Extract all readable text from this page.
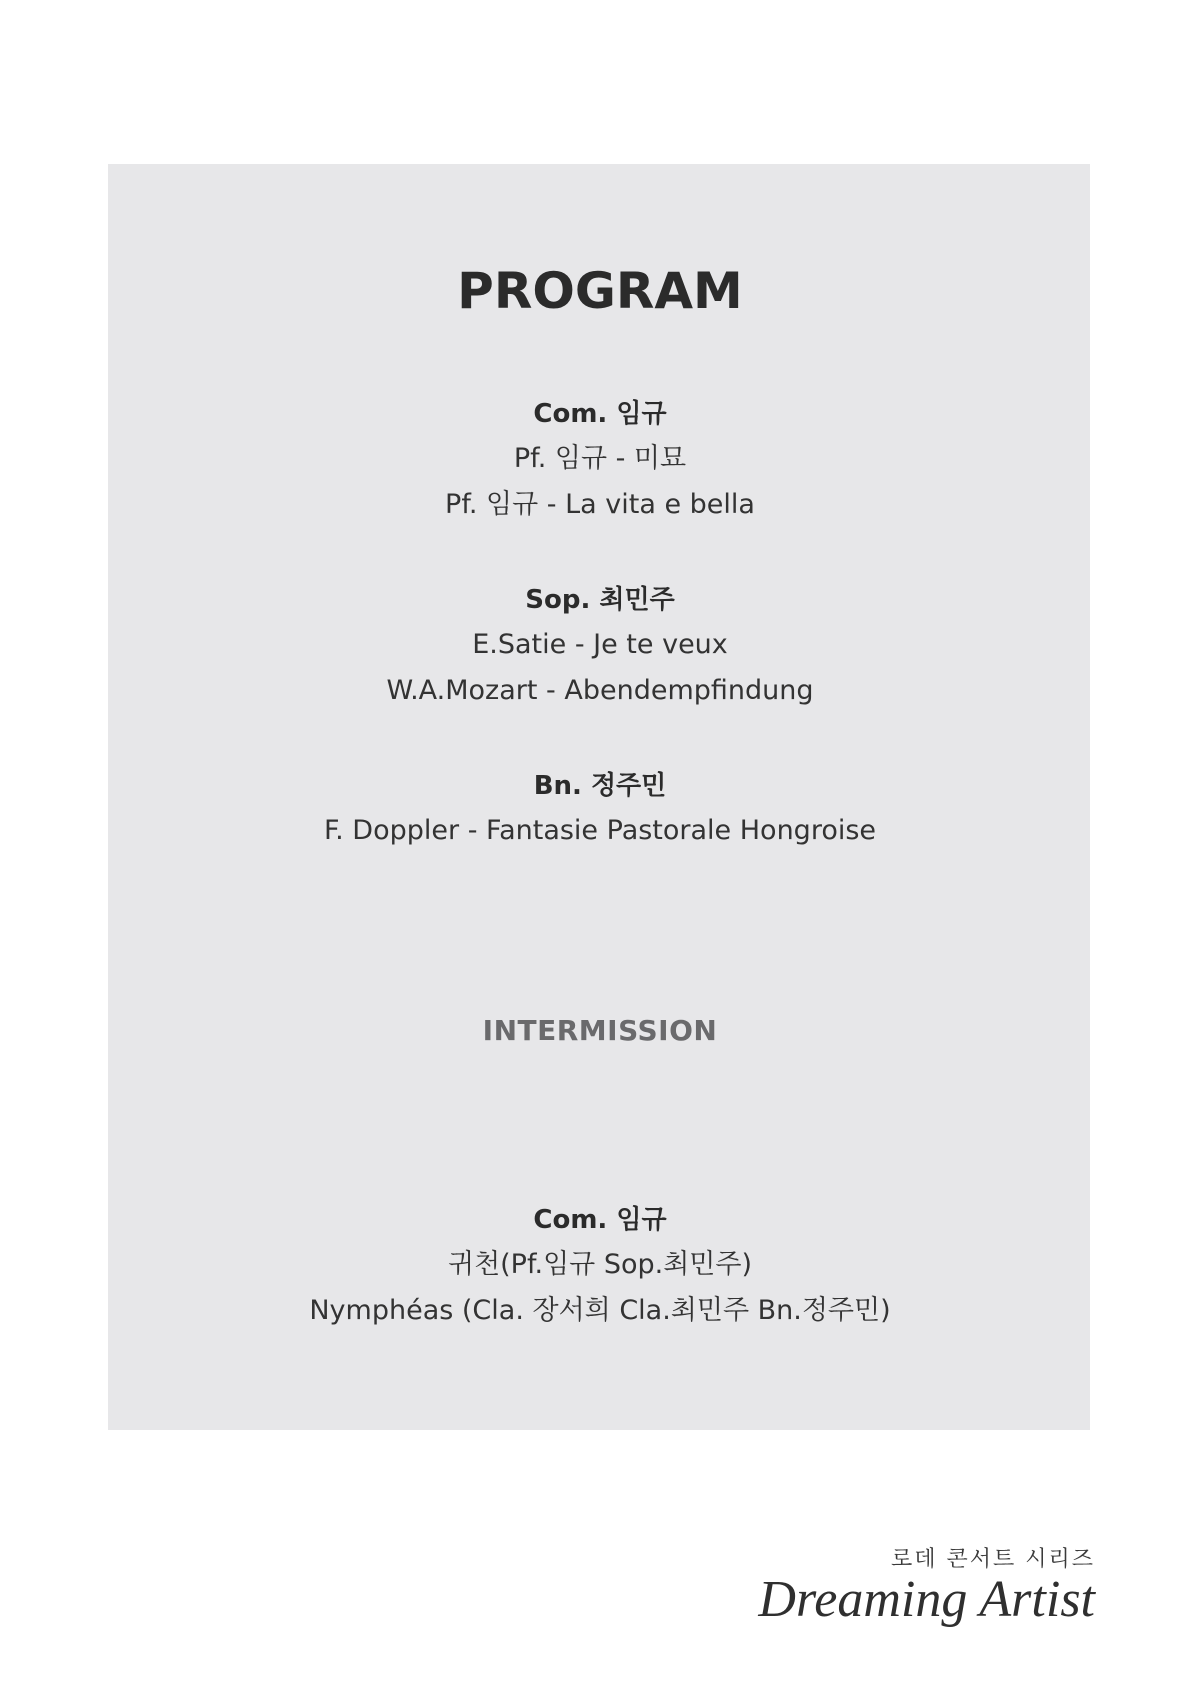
PROGRAM
Com. 임규
Pf. 임규 - 미묘
Pf. 임규 - La vita e bella
Sop. 최민주
E.Satie - Je te veux
W.A.Mozart - Abendempfindung
Bn. 정주민
F. Doppler - Fantasie Pastorale Hongroise
INTERMISSION
Com. 임규
귀천(Pf.임규 Sop.최민주)
Nymphéas (Cla. 장서희 Cla.최민주 Bn.정주민)
로데 콘서트 시리즈
Dreaming Artist
